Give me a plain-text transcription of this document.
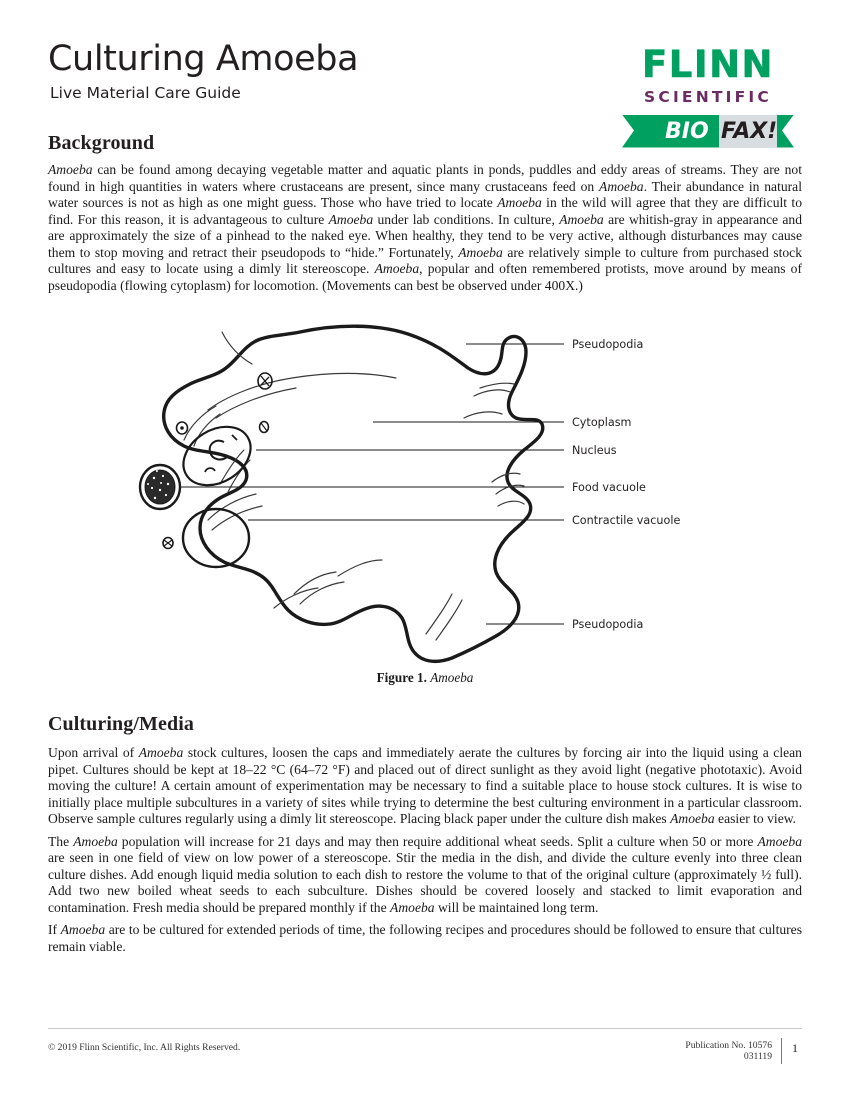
Culturing Amoeba
Live Material Care Guide
FLINN
SCIENTIFIC
BIO FAX!
Background

Amoeba can be found among decaying vegetable matter and aquatic plants in ponds, puddles and eddy areas of streams. They are not found in high quantities in waters where crustaceans are present, since many crustaceans feed on Amoeba. Their abundance in natural water sources is not as high as one might guess. Those who have tried to locate Amoeba in the wild will agree that they are difficult to find. For this reason, it is advantageous to culture Amoeba under lab conditions. In culture, Amoeba are whitish-gray in appearance and are approximately the size of a pinhead to the naked eye. When healthy, they tend to be very active, although disturbances may cause them to stop moving and retract their pseudopods to “hide.” Fortunately, Amoeba are relatively simple to culture from purchased stock cultures and easy to locate using a dimly lit stereoscope. Amoeba, popular and often remembered protists, move around by means of pseudopodia (flowing cytoplasm) for locomotion. (Movements can best be observed under 400X.)

Pseudopodia
Cytoplasm
Nucleus
Food vacuole
Contractile vacuole
Pseudopodia
Figure 1. Amoeba
Culturing/Media

Upon arrival of Amoeba stock cultures, loosen the caps and immediately aerate the cultures by forcing air into the liquid using a clean pipet. Cultures should be kept at 18–22 °C (64–72 °F) and placed out of direct sunlight as they avoid light (negative phototaxic). Avoid moving the culture! A certain amount of experimentation may be necessary to find a suitable place to house stock cultures. It is wise to initially place multiple subcultures in a variety of sites while trying to determine the best culturing environment in a particular classroom. Observe sample cultures regularly using a dimly lit stereoscope. Placing black paper under the culture dish makes Amoeba easier to view.

The Amoeba population will increase for 21 days and may then require additional wheat seeds. Split a culture when 50 or more Amoeba are seen in one field of view on low power of a stereoscope. Stir the media in the dish, and divide the culture evenly into three clean culture dishes. Add enough liquid media solution to each dish to restore the volume to that of the original culture (approximately ½ full). Add two new boiled wheat seeds to each subculture. Dishes should be covered loosely and stacked to limit evaporation and contamination. Fresh media should be prepared monthly if the Amoeba will be maintained long term.

If Amoeba are to be cultured for extended periods of time, the following recipes and procedures should be followed to ensure that cultures remain viable.

© 2019 Flinn Scientific, Inc. All Rights Reserved.	Publication No. 10576
031119
1
